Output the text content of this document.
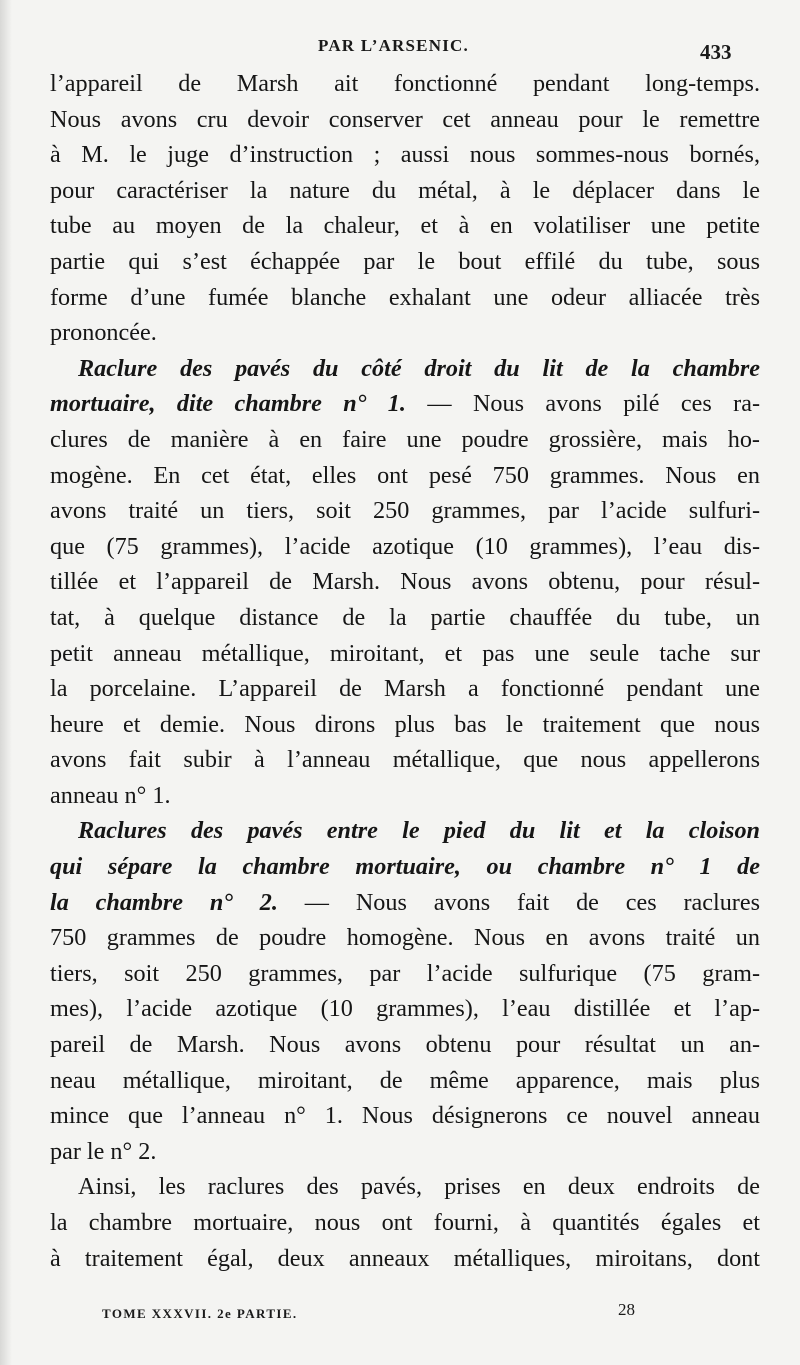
PAR L’ARSENIC.	433
l’appareil de Marsh ait fonctionné pendant long-temps.
Nous avons cru devoir conserver cet anneau pour le remettre
à M. le juge d’instruction ; aussi nous sommes-nous bornés,
pour caractériser la nature du métal, à le déplacer dans le
tube au moyen de la chaleur, et à en volatiliser une petite
partie qui s’est échappée par le bout effilé du tube, sous
forme d’une fumée blanche exhalant une odeur alliacée très
prononcée.
Raclure des pavés du côté droit du lit de la chambre
mortuaire, dite chambre n° 1. — Nous avons pilé ces ra-
clures de manière à en faire une poudre grossière, mais ho-
mogène. En cet état, elles ont pesé 750 grammes. Nous en
avons traité un tiers, soit 250 grammes, par l’acide sulfuri-
que (75 grammes), l’acide azotique (10 grammes), l’eau dis-
tillée et l’appareil de Marsh. Nous avons obtenu, pour résul-
tat, à quelque distance de la partie chauffée du tube, un
petit anneau métallique, miroitant, et pas une seule tache sur
la porcelaine. L’appareil de Marsh a fonctionné pendant une
heure et demie. Nous dirons plus bas le traitement que nous
avons fait subir à l’anneau métallique, que nous appellerons
anneau n° 1.
Raclures des pavés entre le pied du lit et la cloison
qui sépare la chambre mortuaire, ou chambre n° 1 de
la chambre n° 2. — Nous avons fait de ces raclures
750 grammes de poudre homogène. Nous en avons traité un
tiers, soit 250 grammes, par l’acide sulfurique (75 gram-
mes), l’acide azotique (10 grammes), l’eau distillée et l’ap-
pareil de Marsh. Nous avons obtenu pour résultat un an-
neau métallique, miroitant, de même apparence, mais plus
mince que l’anneau n° 1. Nous désignerons ce nouvel anneau
par le n° 2.
Ainsi, les raclures des pavés, prises en deux endroits de
la chambre mortuaire, nous ont fourni, à quantités égales et
à traitement égal, deux anneaux métalliques, miroitans, dont
TOME XXXVII. 2e PARTIE.	28
